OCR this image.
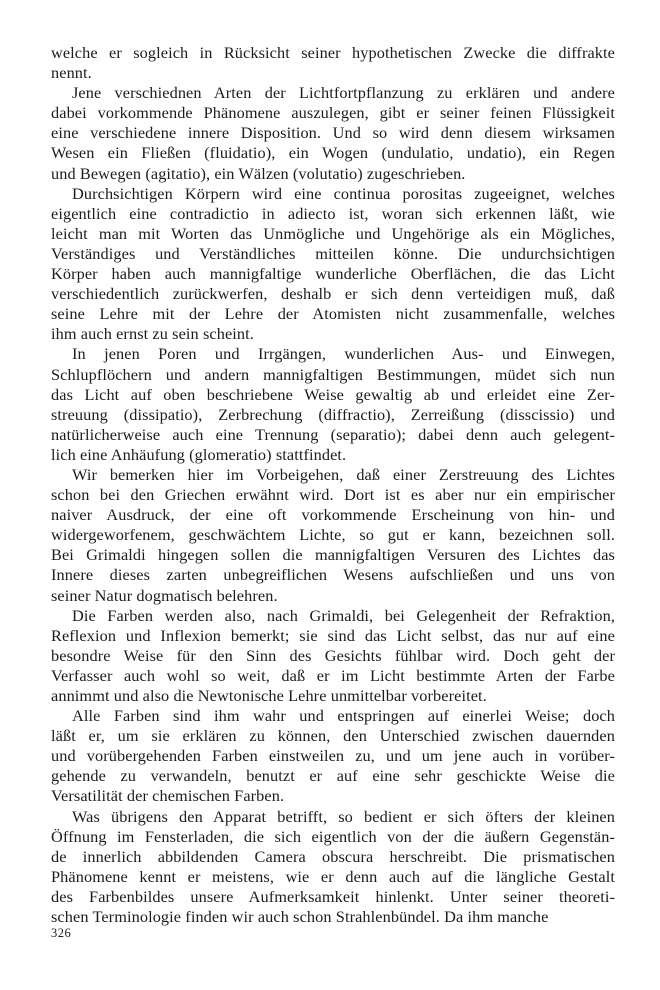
welche er sogleich in Rücksicht seiner hypothetischen Zwecke die diffrakte
nennt.
Jene verschiednen Arten der Lichtfortpflanzung zu erklären und andere
dabei vorkommende Phänomene auszulegen, gibt er seiner feinen Flüssigkeit
eine verschiedene innere Disposition. Und so wird denn diesem wirksamen
Wesen ein Fließen (fluidatio), ein Wogen (undulatio, undatio), ein Regen
und Bewegen (agitatio), ein Wälzen (volutatio) zugeschrieben.
Durchsichtigen Körpern wird eine continua porositas zugeeignet, welches
eigentlich eine contradictio in adiecto ist, woran sich erkennen läßt, wie
leicht man mit Worten das Unmögliche und Ungehörige als ein Mögliches,
Verständiges und Verständliches mitteilen könne. Die undurchsichtigen
Körper haben auch mannigfaltige wunderliche Oberflächen, die das Licht
verschiedentlich zurückwerfen, deshalb er sich denn verteidigen muß, daß
seine Lehre mit der Lehre der Atomisten nicht zusammenfalle, welches
ihm auch ernst zu sein scheint.
In jenen Poren und Irrgängen, wunderlichen Aus- und Einwegen,
Schlupflöchern und andern mannigfaltigen Bestimmungen, müdet sich nun
das Licht auf oben beschriebene Weise gewaltig ab und erleidet eine Zer-
streuung (dissipatio), Zerbrechung (diffractio), Zerreißung (disscissio) und
natürlicherweise auch eine Trennung (separatio); dabei denn auch gelegent-
lich eine Anhäufung (glomeratio) stattfindet.
Wir bemerken hier im Vorbeigehen, daß einer Zerstreuung des Lichtes
schon bei den Griechen erwähnt wird. Dort ist es aber nur ein empirischer
naiver Ausdruck, der eine oft vorkommende Erscheinung von hin- und
widergeworfenem, geschwächtem Lichte, so gut er kann, bezeichnen soll.
Bei Grimaldi hingegen sollen die mannigfaltigen Versuren des Lichtes das
Innere dieses zarten unbegreiflichen Wesens aufschließen und uns von
seiner Natur dogmatisch belehren.
Die Farben werden also, nach Grimaldi, bei Gelegenheit der Refraktion,
Reflexion und Inflexion bemerkt; sie sind das Licht selbst, das nur auf eine
besondre Weise für den Sinn des Gesichts fühlbar wird. Doch geht der
Verfasser auch wohl so weit, daß er im Licht bestimmte Arten der Farbe
annimmt und also die Newtonische Lehre unmittelbar vorbereitet.
Alle Farben sind ihm wahr und entspringen auf einerlei Weise; doch
läßt er, um sie erklären zu können, den Unterschied zwischen dauernden
und vorübergehenden Farben einstweilen zu, und um jene auch in vorüber-
gehende zu verwandeln, benutzt er auf eine sehr geschickte Weise die
Versatilität der chemischen Farben.
Was übrigens den Apparat betrifft, so bedient er sich öfters der kleinen
Öffnung im Fensterladen, die sich eigentlich von der die äußern Gegenstän-
de innerlich abbildenden Camera obscura herschreibt. Die prismatischen
Phänomene kennt er meistens, wie er denn auch auf die längliche Gestalt
des Farbenbildes unsere Aufmerksamkeit hinlenkt. Unter seiner theoreti-
schen Terminologie finden wir auch schon Strahlenbündel. Da ihm manche
326
